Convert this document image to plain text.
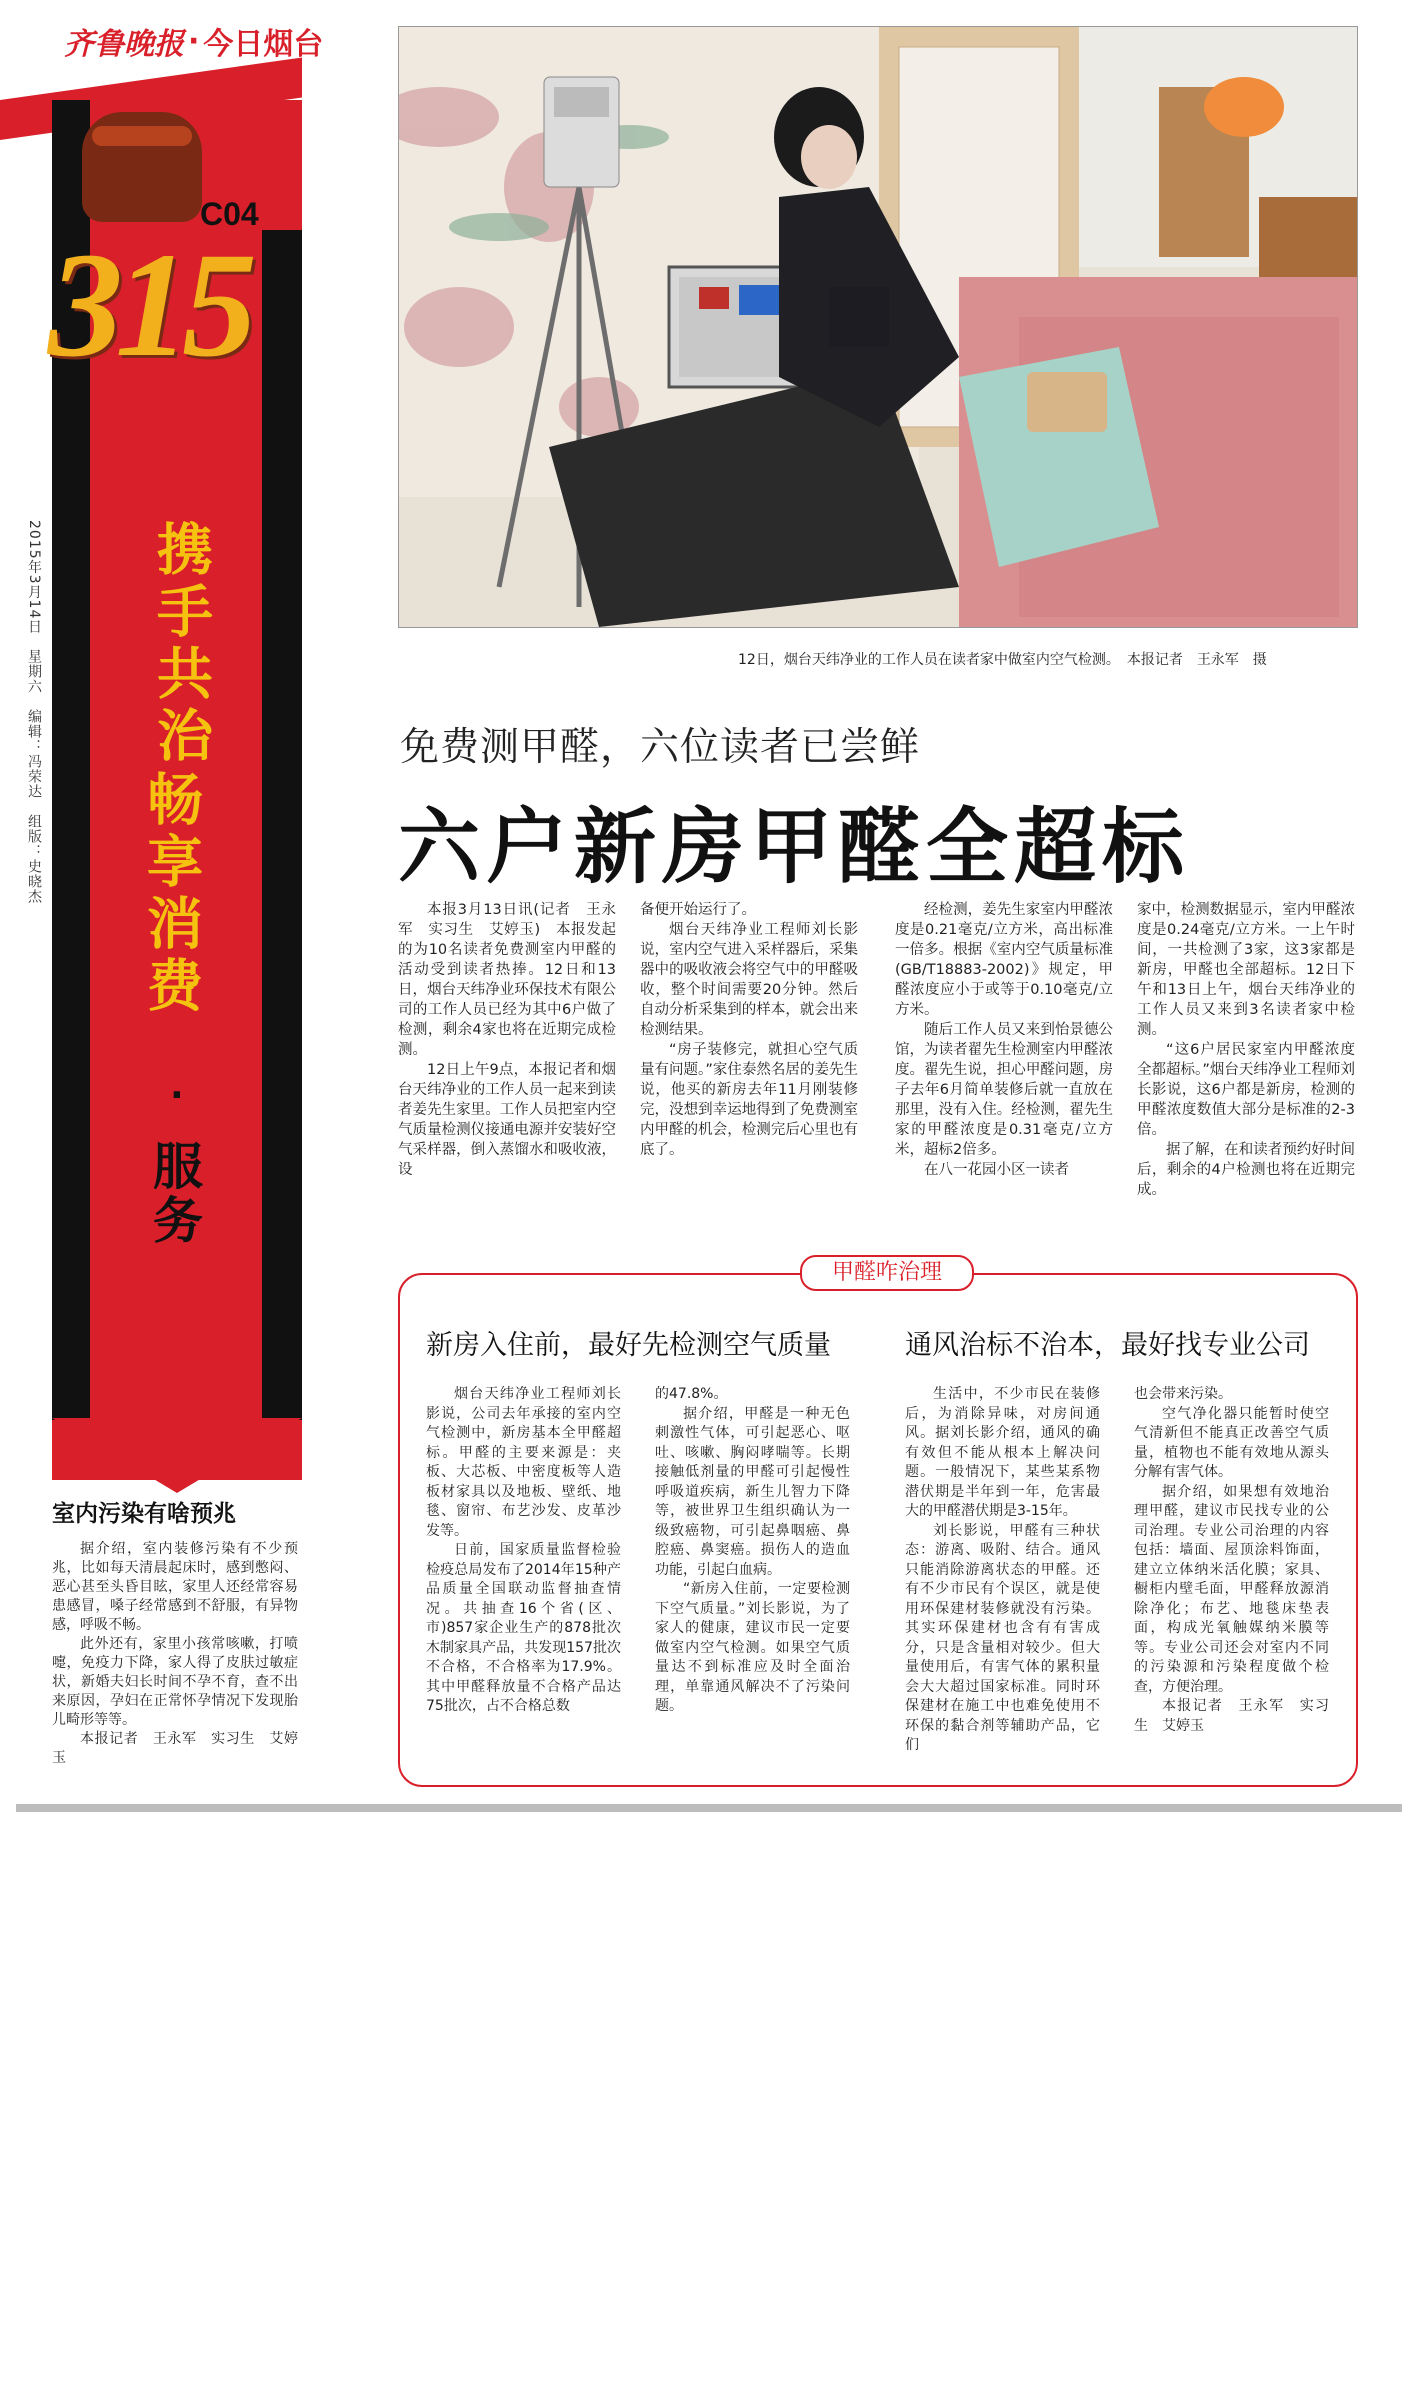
齐鲁晚报 · 今日烟台
C04
315
携手共治
畅享消费
·
服务
2015年3月14日　星期六　编辑：冯荣达　组版：史晓杰
室内污染有啥预兆

据介绍，室内装修污染有不少预兆，比如每天清晨起床时，感到憋闷、恶心甚至头昏目眩，家里人还经常容易患感冒，嗓子经常感到不舒服，有异物感，呼吸不畅。

此外还有，家里小孩常咳嗽，打喷嚏，免疫力下降，家人得了皮肤过敏症状，新婚夫妇长时间不孕不育，查不出来原因，孕妇在正常怀孕情况下发现胎儿畸形等等。

本报记者　王永军　实习生　艾婷玉

12日，烟台天纬净业的工作人员在读者家中做室内空气检测。　本报记者　王永军　摄
免费测甲醛，六位读者已尝鲜
六户新房甲醛全超标

本报3月13日讯(记者　王永军　实习生　艾婷玉)　本报发起的为10名读者免费测室内甲醛的活动受到读者热捧。12日和13日，烟台天纬净业环保技术有限公司的工作人员已经为其中6户做了检测，剩余4家也将在近期完成检测。

12日上午9点，本报记者和烟台天纬净业的工作人员一起来到读者姜先生家里。工作人员把室内空气质量检测仪接通电源并安装好空气采样器，倒入蒸馏水和吸收液，设

备便开始运行了。

烟台天纬净业工程师刘长影说，室内空气进入采样器后，采集器中的吸收液会将空气中的甲醛吸收，整个时间需要20分钟。然后自动分析采集到的样本，就会出来检测结果。

“房子装修完，就担心空气质量有问题。”家住泰然名居的姜先生说，他买的新房去年11月刚装修完，没想到幸运地得到了免费测室内甲醛的机会，检测完后心里也有底了。

经检测，姜先生家室内甲醛浓度是0.21毫克/立方米，高出标准一倍多。根据《室内空气质量标准(GB/T18883-2002)》规定，甲醛浓度应小于或等于0.10毫克/立方米。

随后工作人员又来到怡景德公馆，为读者翟先生检测室内甲醛浓度。翟先生说，担心甲醛问题，房子去年6月简单装修后就一直放在那里，没有入住。经检测，翟先生家的甲醛浓度是0.31毫克/立方米，超标2倍多。

在八一花园小区一读者

家中，检测数据显示，室内甲醛浓度是0.24毫克/立方米。一上午时间，一共检测了3家，这3家都是新房，甲醛也全部超标。12日下午和13日上午，烟台天纬净业的工作人员又来到3名读者家中检测。

“这6户居民家室内甲醛浓度全都超标。”烟台天纬净业工程师刘长影说，这6户都是新房，检测的甲醛浓度数值大部分是标准的2-3倍。

据了解，在和读者预约好时间后，剩余的4户检测也将在近期完成。

甲醛咋治理
新房入住前，最好先检测空气质量	通风治标不治本，最好找专业公司

烟台天纬净业工程师刘长影说，公司去年承接的室内空气检测中，新房基本全甲醛超标。甲醛的主要来源是：夹板、大芯板、中密度板等人造板材家具以及地板、壁纸、地毯、窗帘、布艺沙发、皮革沙发等。

日前，国家质量监督检验检疫总局发布了2014年15种产品质量全国联动监督抽查情况。共抽查16个省(区、市)857家企业生产的878批次木制家具产品，共发现157批次不合格，不合格率为17.9%。其中甲醛释放量不合格产品达75批次，占不合格总数

的47.8%。

据介绍，甲醛是一种无色刺激性气体，可引起恶心、呕吐、咳嗽、胸闷哮喘等。长期接触低剂量的甲醛可引起慢性呼吸道疾病，新生儿智力下降等，被世界卫生组织确认为一级致癌物，可引起鼻咽癌、鼻腔癌、鼻窦癌。损伤人的造血功能，引起白血病。

“新房入住前，一定要检测下空气质量。”刘长影说，为了家人的健康，建议市民一定要做室内空气检测。如果空气质量达不到标准应及时全面治理，单靠通风解决不了污染问题。

生活中，不少市民在装修后，为消除异味，对房间通风。据刘长影介绍，通风的确有效但不能从根本上解决问题。一般情况下，某些某系物潜伏期是半年到一年，危害最大的甲醛潜伏期是3-15年。

刘长影说，甲醛有三种状态：游离、吸附、结合。通风只能消除游离状态的甲醛。还有不少市民有个误区，就是使用环保建材装修就没有污染。其实环保建材也含有有害成分，只是含量相对较少。但大量使用后，有害气体的累积量会大大超过国家标准。同时环保建材在施工中也难免使用不环保的黏合剂等辅助产品，它们

也会带来污染。

空气净化器只能暂时使空气清新但不能真正改善空气质量，植物也不能有效地从源头分解有害气体。

据介绍，如果想有效地治理甲醛，建议市民找专业的公司治理。专业公司治理的内容包括：墙面、屋顶涂料饰面，建立立体纳米活化膜；家具、橱柜内壁毛面，甲醛释放源消除净化；布艺、地毯床垫表面，构成光氧触媒纳米膜等等。专业公司还会对室内不同的污染源和污染程度做个检查，方便治理。

本报记者　王永军　实习生　艾婷玉
